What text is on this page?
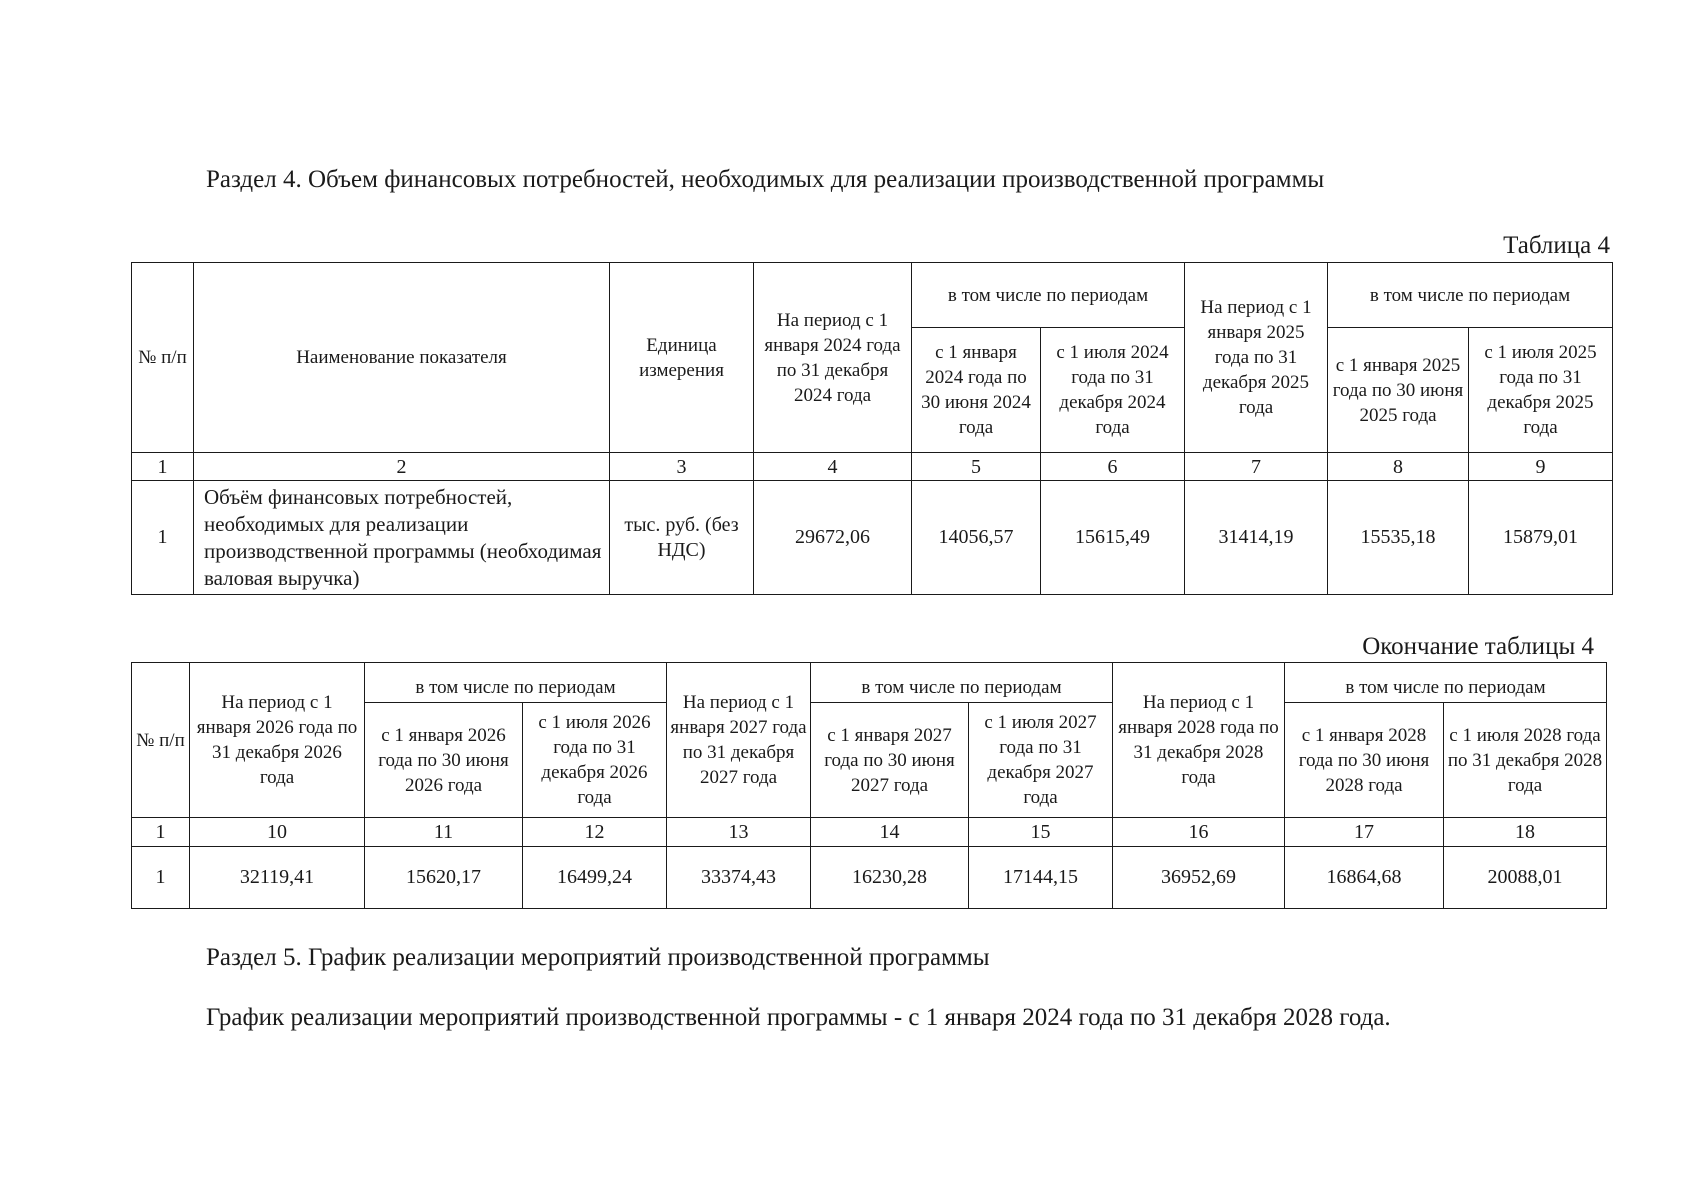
Раздел 4. Объем финансовых потребностей, необходимых для реализации производственной программы
Таблица 4
№ п/п	Наименование показателя	Единица измерения	На период с 1 января 2024 года по 31 декабря 2024 года	в том числе по периодам		На период с 1 января 2025 года по 31 декабря 2025 года	в том числе по периодам	
				с 1 января 2024 года по 30 июня 2024 года	с 1 июля 2024 года по 31 декабря 2024 года		с 1 января 2025 года по 30 июня 2025 года	с 1 июля 2025 года по 31 декабря 2025 года
1	2	3	4	5	6	7	8	9
1	Объём финансовых потребностей, необходимых для реализации производственной программы (необходимая валовая выручка)	тыс. руб. (без НДС)	29672,06	14056,57	15615,49	31414,19	15535,18	15879,01
Окончание таблицы 4
№ п/п	На период с 1 января 2026 года по 31 декабря 2026 года	в том числе по периодам		На период с 1 января 2027 года по 31 декабря 2027 года	в том числе по периодам		На период с 1 января 2028 года по 31 декабря 2028 года	в том числе по периодам	
		с 1 января 2026 года по 30 июня 2026 года	с 1 июля 2026 года по 31 декабря 2026 года		с 1 января 2027 года по 30 июня 2027 года	с 1 июля 2027 года по 31 декабря 2027 года		с 1 января 2028 года по 30 июня 2028 года	с 1 июля 2028 года по 31 декабря 2028 года
1	10	11	12	13	14	15	16	17	18
1	32119,41	15620,17	16499,24	33374,43	16230,28	17144,15	36952,69	16864,68	20088,01
Раздел 5. График реализации мероприятий производственной программы
График реализации мероприятий производственной программы - с 1 января 2024 года по 31 декабря 2028 года.
